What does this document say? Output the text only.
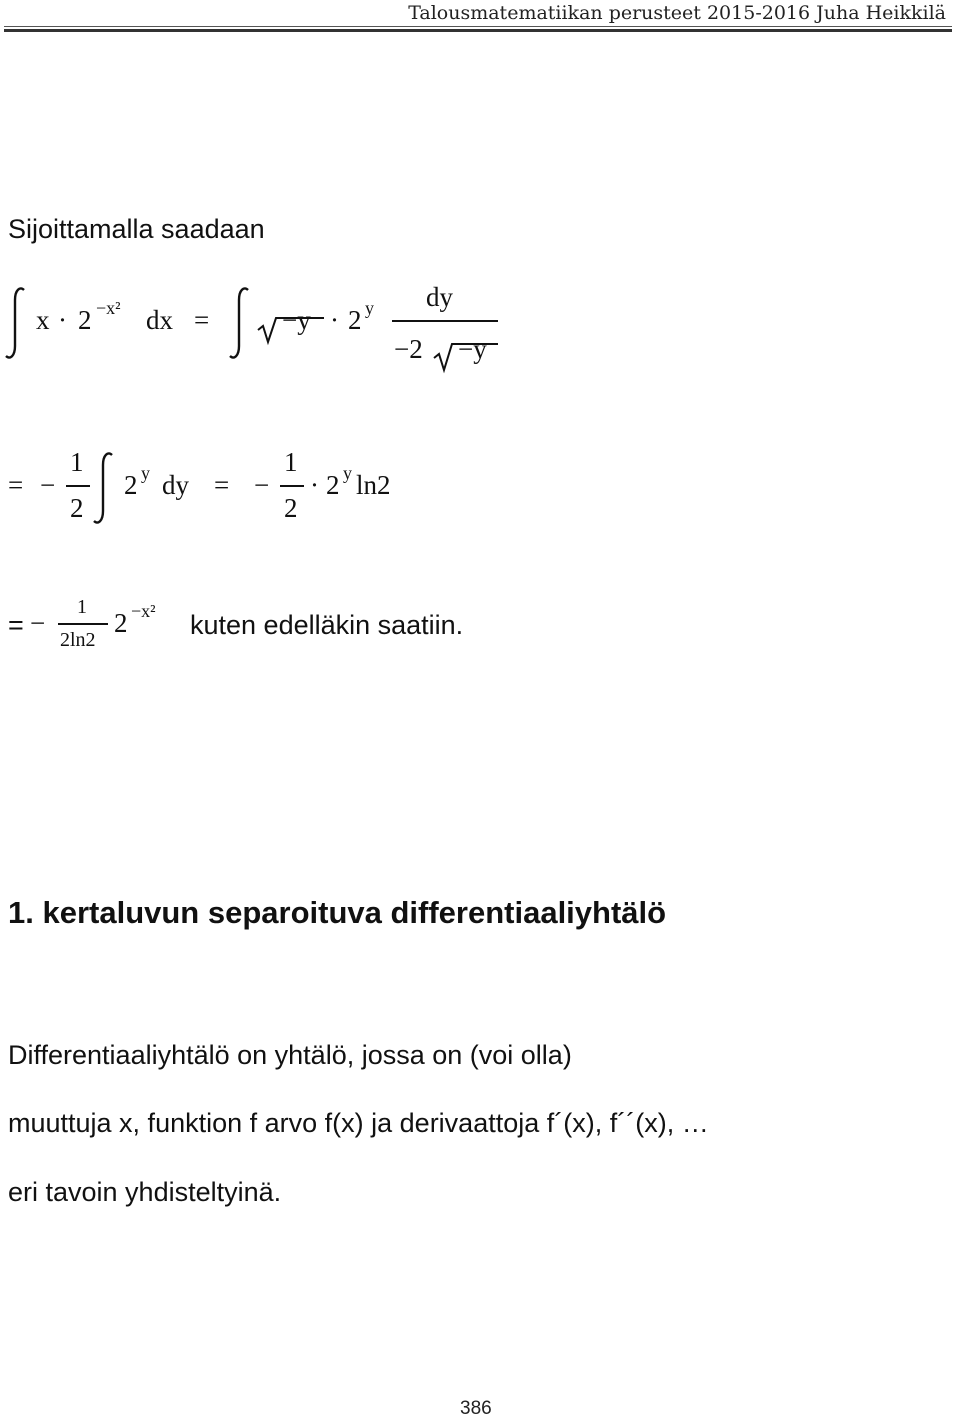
Talousmatematiikan perusteet 2015-2016 Juha Heikkilä
Sijoittamalla saadaan
x · 2 −x² dx =	−y · 2 y dy
−2 −y
= −
1
2
2 y dy = −
1
2
· 2 y ln2
= −
1
2ln2
2 −x² kuten edelläkin saatiin.
1. kertaluvun separoituva differentiaaliyhtälö
Differentiaaliyhtälö on yhtälö, jossa on (voi olla)
muuttuja x, funktion f arvo f(x) ja derivaattoja f´(x), f´´(x), …
eri tavoin yhdisteltyinä.
386
